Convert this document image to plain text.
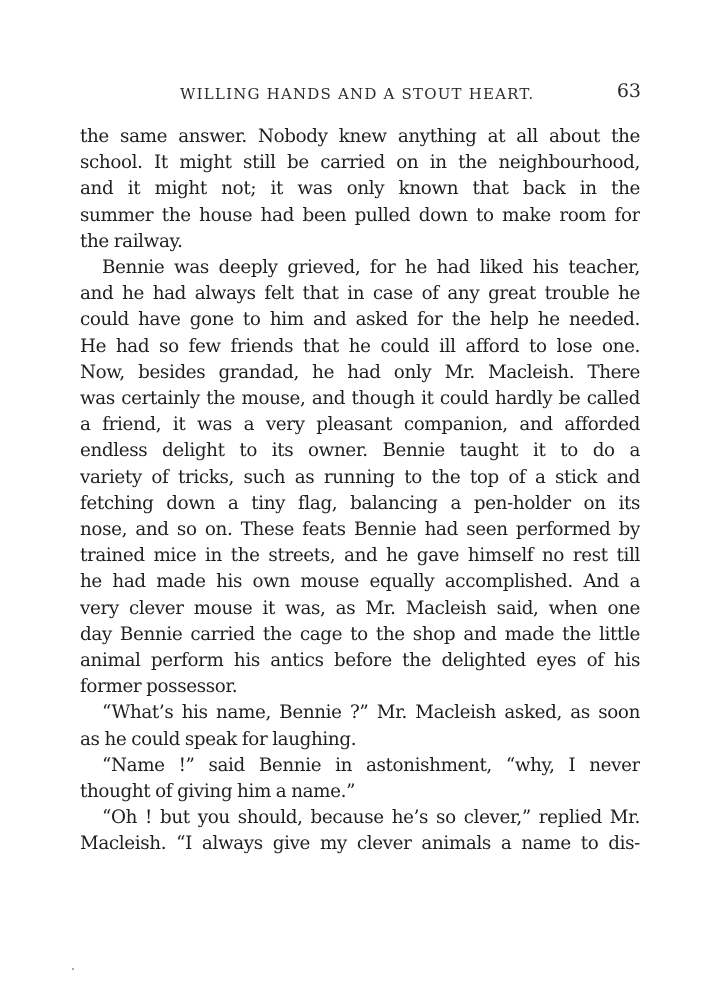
WILLING HANDS AND A STOUT HEART.	63
the same answer. Nobody knew anything at all about the
school. It might still be carried on in the neighbourhood,
and it might not; it was only known that back in the
summer the house had been pulled down to make room for
the railway.
Bennie was deeply grieved, for he had liked his teacher,
and he had always felt that in case of any great trouble he
could have gone to him and asked for the help he needed.
He had so few friends that he could ill afford to lose one.
Now, besides grandad, he had only Mr. Macleish. There
was certainly the mouse, and though it could hardly be called
a friend, it was a very pleasant companion, and afforded
endless delight to its owner. Bennie taught it to do a
variety of tricks, such as running to the top of a stick and
fetching down a tiny flag, balancing a pen-holder on its
nose, and so on. These feats Bennie had seen performed by
trained mice in the streets, and he gave himself no rest till
he had made his own mouse equally accomplished. And a
very clever mouse it was, as Mr. Macleish said, when one
day Bennie carried the cage to the shop and made the little
animal perform his antics before the delighted eyes of his
former possessor.
“What’s his name, Bennie ?” Mr. Macleish asked, as soon
as he could speak for laughing.
“Name !” said Bennie in astonishment, “why, I never
thought of giving him a name.”
“Oh ! but you should, because he’s so clever,” replied Mr.
Macleish. “I always give my clever animals a name to dis-
